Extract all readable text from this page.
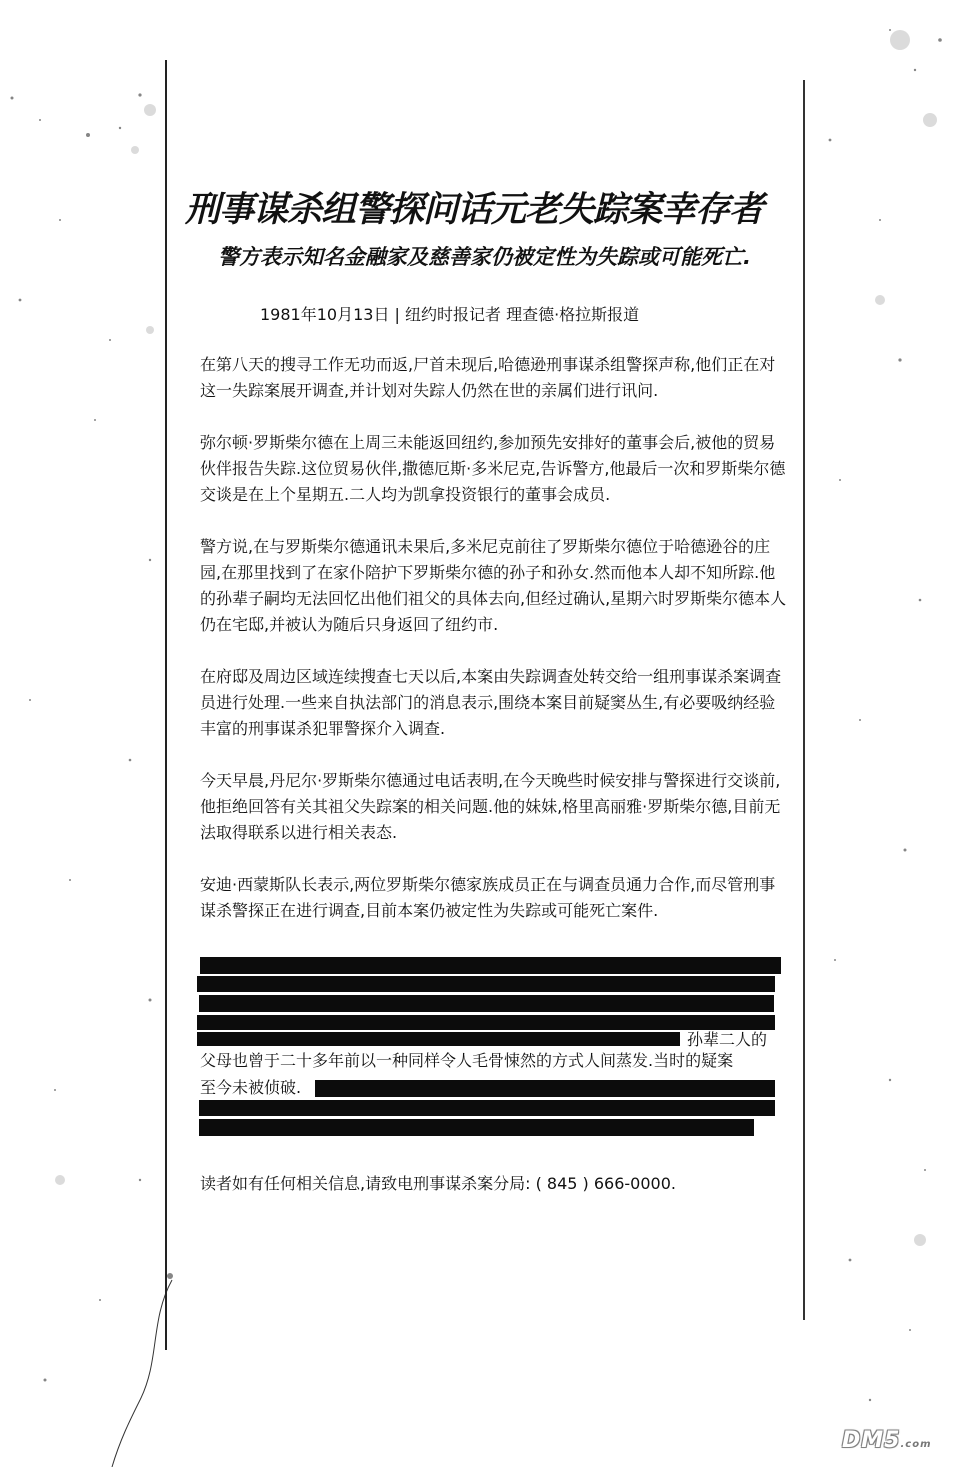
刑事谋杀组警探问话元老失踪案幸存者
警方表示知名金融家及慈善家仍被定性为失踪或可能死亡.

1981年10月13日 | 纽约时报记者 理查德·格拉斯报道

在第八天的搜寻工作无功而返,尸首未现后,哈德逊刑事谋杀组警探声称,他们正在对这一失踪案展开调查,并计划对失踪人仍然在世的亲属们进行讯问.

弥尔顿·罗斯柴尔德在上周三未能返回纽约,参加预先安排好的董事会后,被他的贸易伙伴报告失踪.这位贸易伙伴,撒德厄斯·多米尼克,告诉警方,他最后一次和罗斯柴尔德交谈是在上个星期五.二人均为凯拿投资银行的董事会成员.

警方说,在与罗斯柴尔德通讯未果后,多米尼克前往了罗斯柴尔德位于哈德逊谷的庄园,在那里找到了在家仆陪护下罗斯柴尔德的孙子和孙女.然而他本人却不知所踪.他的孙辈子嗣均无法回忆出他们祖父的具体去向,但经过确认,星期六时罗斯柴尔德本人仍在宅邸,并被认为随后只身返回了纽约市.

在府邸及周边区域连续搜查七天以后,本案由失踪调查处转交给一组刑事谋杀案调查员进行处理.一些来自执法部门的消息表示,围绕本案目前疑窦丛生,有必要吸纳经验丰富的刑事谋杀犯罪警探介入调查.

今天早晨,丹尼尔·罗斯柴尔德通过电话表明,在今天晚些时候安排与警探进行交谈前,他拒绝回答有关其祖父失踪案的相关问题.他的妹妹,格里高丽雅·罗斯柴尔德,目前无法取得联系以进行相关表态.

安迪·西蒙斯队长表示,两位罗斯柴尔德家族成员正在与调查员通力合作,而尽管刑事谋杀警探正在进行调查,目前本案仍被定性为失踪或可能死亡案件.

孙辈二人的
父母也曾于二十多年前以一种同样令人毛骨悚然的方式人间蒸发.当时的疑案
至今未被侦破.

读者如有任何相关信息,请致电刑事谋杀案分局: ( 845 ) 666-0000.

DM5.com
